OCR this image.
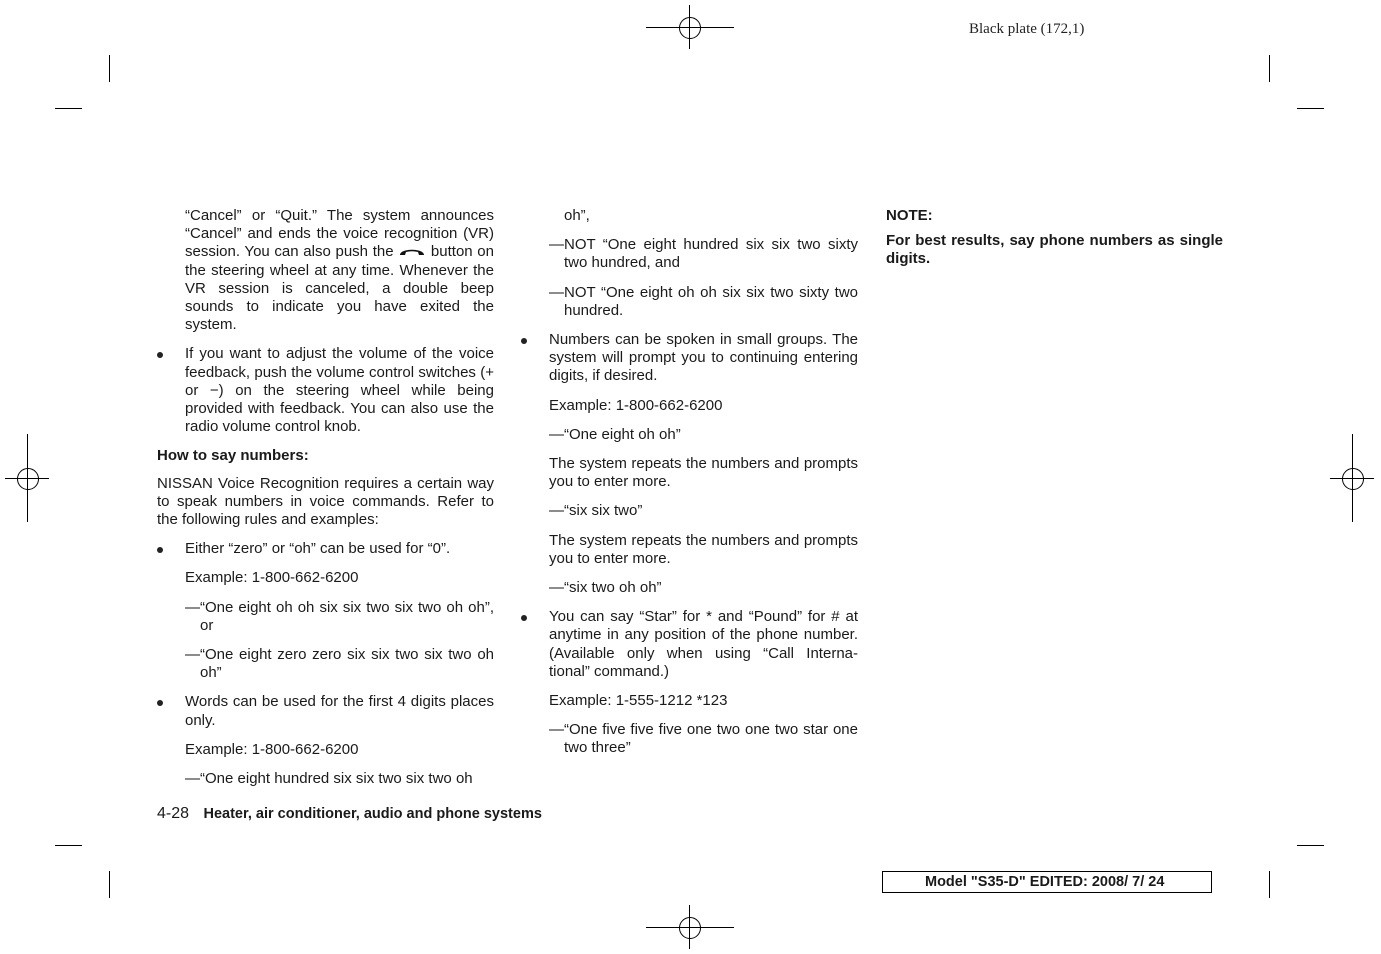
Black plate (172,1)

“Cancel” or “Quit.” The system announces “Cancel” and ends the voice recognition (VR) session. You can also push the button on the steering wheel at any time. Whenever the VR session is canceled, a double beep sounds to indicate you have exited the system.

If you want to adjust the volume of the voice feedback, push the volume control switches (+ or −) on the steering wheel while being provided with feedback. You can also use the radio volume control knob.

How to say numbers:

NISSAN Voice Recognition requires a certain way to speak numbers in voice commands. Refer to the following rules and examples:

Either “zero” or “oh” can be used for “0”.

Example: 1-800-662-6200

—“One eight oh oh six six two six two oh oh”, or

—“One eight zero zero six six two six two oh oh”

Words can be used for the first 4 digits places only.

Example: 1-800-662-6200

—“One eight hundred six six two six two oh

oh”,

—NOT “One eight hundred six six two sixty two hundred, and

—NOT “One eight oh oh six six two sixty two hundred.

Numbers can be spoken in small groups. The system will prompt you to continuing entering digits, if desired.

Example: 1-800-662-6200

—“One eight oh oh”

The system repeats the numbers and prompts you to enter more.

—“six six two”

The system repeats the numbers and prompts you to enter more.

—“six two oh oh”

You can say “Star” for * and “Pound” for # at anytime in any position of the phone number. (Available only when using “Call Interna- tional” command.)

Example: 1-555-1212 *123

—“One five five five one two one two star one two three”

NOTE:

For best results, say phone numbers as single digits.

4-28 Heater, air conditioner, audio and phone systems
Model "S35-D" EDITED: 2008/ 7/ 24
